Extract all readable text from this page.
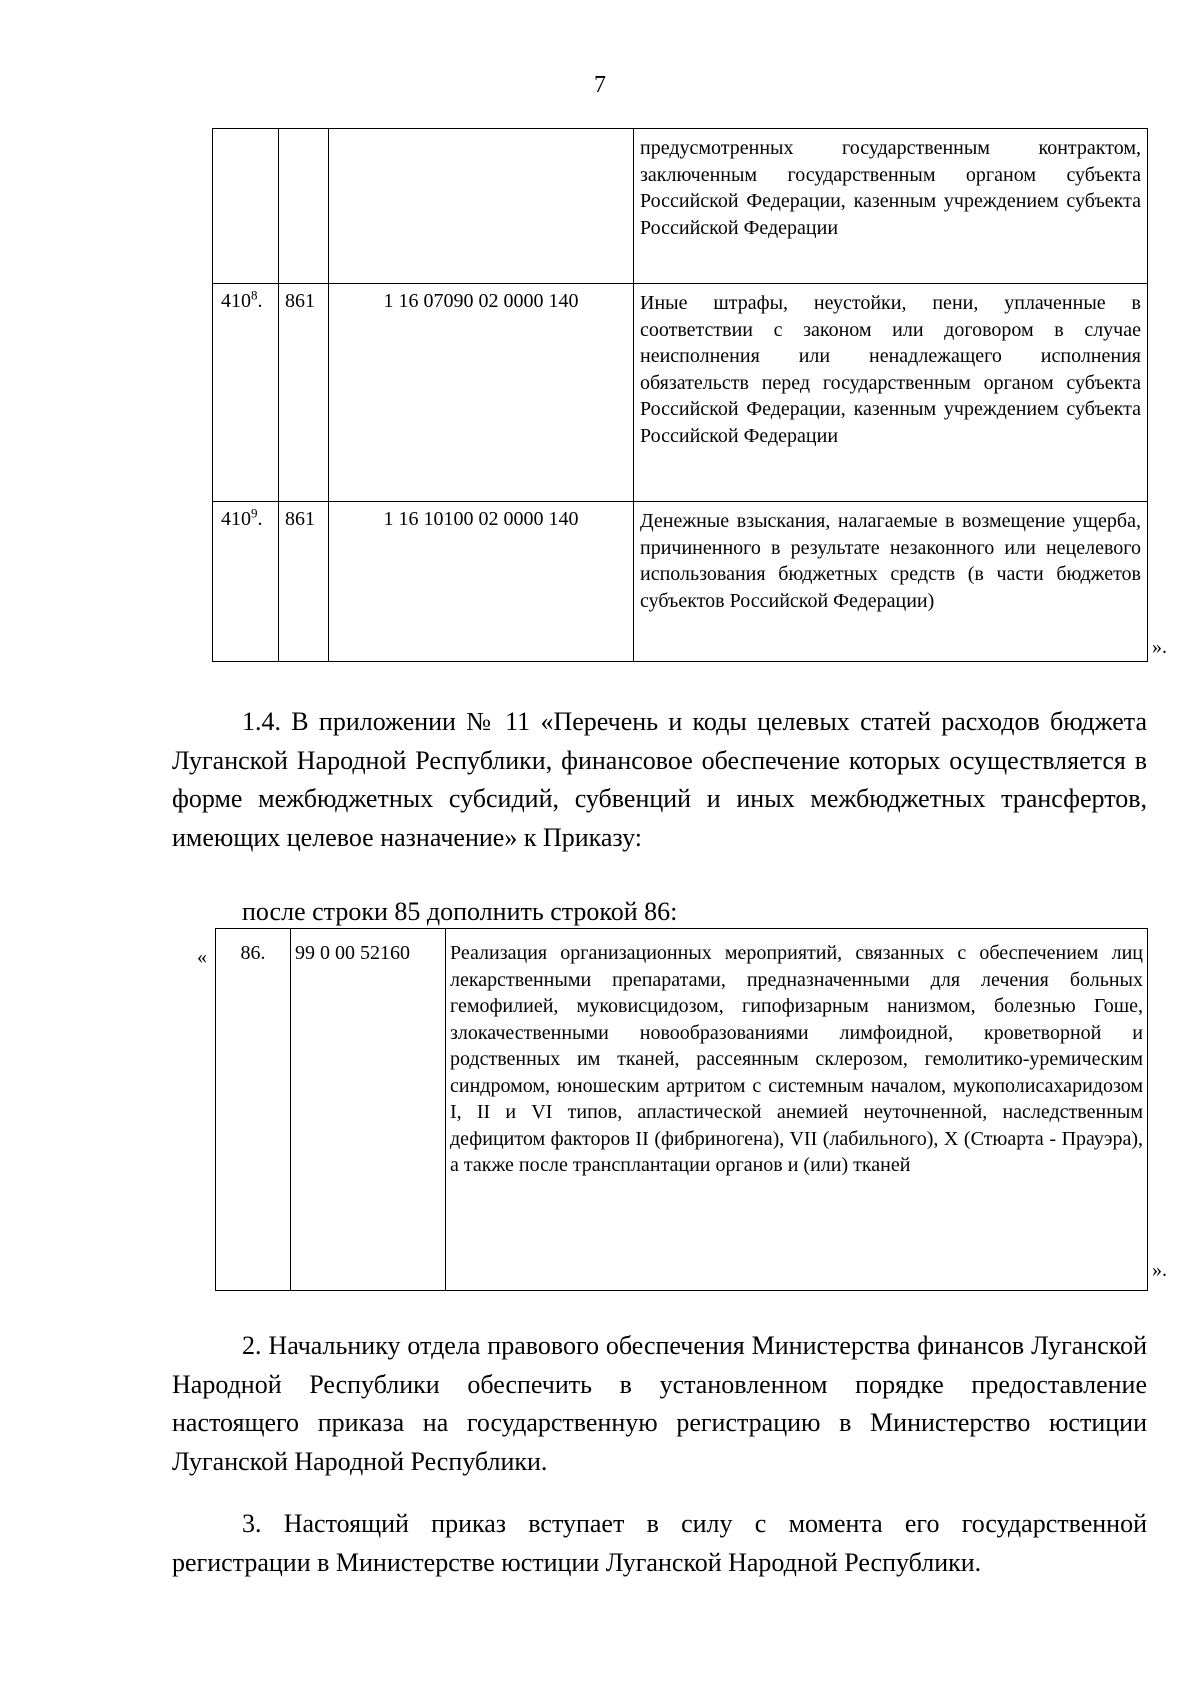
7
			предусмотренных государственным контрактом, заключенным государственным органом субъекта Российской Федерации, казенным учреждением субъекта Российской Федерации
$410^8$.	861	1 16 07090 02 0000 140	Иные штрафы, неустойки, пени, уплаченные в соответствии с законом или договором в случае неисполнения или ненадлежащего исполнения обязательств перед государственным органом субъекта Российской Федерации, казенным учреждением субъекта Российской Федерации
$410^9$.	861	1 16 10100 02 0000 140	Денежные взыскания, налагаемые в возмещение ущерба, причиненного в результате незаконного или нецелевого использования бюджетных средств (в части бюджетов субъектов Российской Федерации)
».

1.4. В приложении № 11 «Перечень и коды целевых статей расходов бюджета Луганской Народной Республики, финансовое обеспечение которых осуществляется в форме межбюджетных субсидий, субвенций и иных межбюджетных трансфертов, имеющих целевое назначение» к Приказу:

после строки 85 дополнить строкой 86:

« 86.	99 0 00 52160	Реализация организационных мероприятий, связанных с обеспечением лиц лекарственными препаратами, предназначенными для лечения больных гемофилией, муковисцидозом, гипофизарным нанизмом, болезнью Гоше, злокачественными новообразованиями лимфоидной, кроветворной и родственных им тканей, рассеянным склерозом, гемолитико-уремическим синдромом, юношеским артритом с системным началом, мукополисахаридозом I, II и VI типов, апластической анемией неуточненной, наследственным дефицитом факторов II (фибриногена), VII (лабильного), X (Стюарта - Прауэра), а также после трансплантации органов и (или) тканей
».

2. Начальнику отдела правового обеспечения Министерства финансов Луганской Народной Республики обеспечить в установленном порядке предоставление настоящего приказа на государственную регистрацию в Министерство юстиции Луганской Народной Республики.

3. Настоящий приказ вступает в силу с момента его государственной регистрации в Министерстве юстиции Луганской Народной Республики.
